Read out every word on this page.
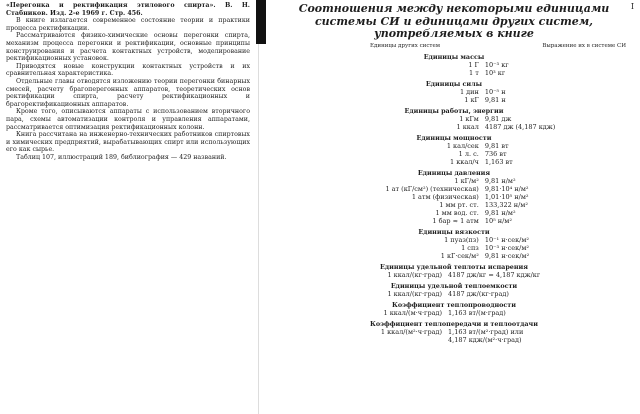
«Перегонка и ректификация этилового спирта». В. Н. Стабников. Изд. 2-е 1969 г. Стр. 456.

В книге излагается современное состояние теории и практики процесса ректификации.

Рассматриваются физико-химические основы перегонки спирта, механизм процесса перегонки и ректификации, основные принципы конструирования и расчета контактных устройств, моделирование ректификационных установок.

Приводятся новые конструкции контактных устройств и их сравнительная характеристика.

Отдельные главы отводятся изложению теории перегонки бинарных смесей, расчету брагоперегонных аппаратов, теоретических основ ректификации спирта, расчету ректификационных и брагоректификационных аппаратов.

Кроме того, описываются аппараты с использованием вторичного пара, схемы автоматизации контроля и управления аппаратами, рассматривается оптимизация ректификационных колонн.

Книга рассчитана на инженерно-технических работников спиртовых и химических предприятий, вырабатывающих спирт или использующих его как сырье.

Таблиц 107, иллюстраций 189, библиография — 429 названий.

I
Соотношения между некоторыми единицами
системы СИ и единицами других систем,
употребляемых в книге
Единицы других систем	Выражение их в системе СИ
Единицы массы
1 Г 10⁻³ кг
1 т 10³ кг
Единицы силы
1 дин 10⁻⁵ н
1 кГ 9,81 н
Единицы работы, энергии
1 кГм 9,81 дж
1 ккал 4187 дж (4,187 кдж)
Единицы мощности
1 кал/сек 9,81 вт
1 л. с. 736 вт
1 ккал/ч 1,163 вт
Единицы давления
1 кГ/м² 9,81 н/м²
1 ат (кГ/см²) (техническая) 9,81·10⁴ н/м²
1 атм (физическая) 1,01·10⁵ н/м²
1 мм рт. ст. 133,322 н/м²
1 мм вод. ст. 9,81 н/м²
1 бар ≈ 1 атм 10⁵ н/м²
Единицы вязкости
1 пуаз(пз) 10⁻¹ н·сек/м²
1 спз 10⁻³ н·сек/м²
1 кГ·сек/м² 9,81 н·сек/м²
Единицы удельной теплоты испарения
1 ккал/(кг·град) 4187 дж/кг = 4,187 кдж/кг
Единицы удельной теплоемкости
1 ккал/(кг·град) 4187 дж/(кг·град)
Коэффициент теплопроводности
1 ккал/(м·ч·град) 1,163 вт/(м·град)
Коэффициент теплопередачи и теплоотдачи
1 ккал/(м²·ч·град) 1,163 вт/(м²·град) или
4,187 кдж/(м²·ч·град)
